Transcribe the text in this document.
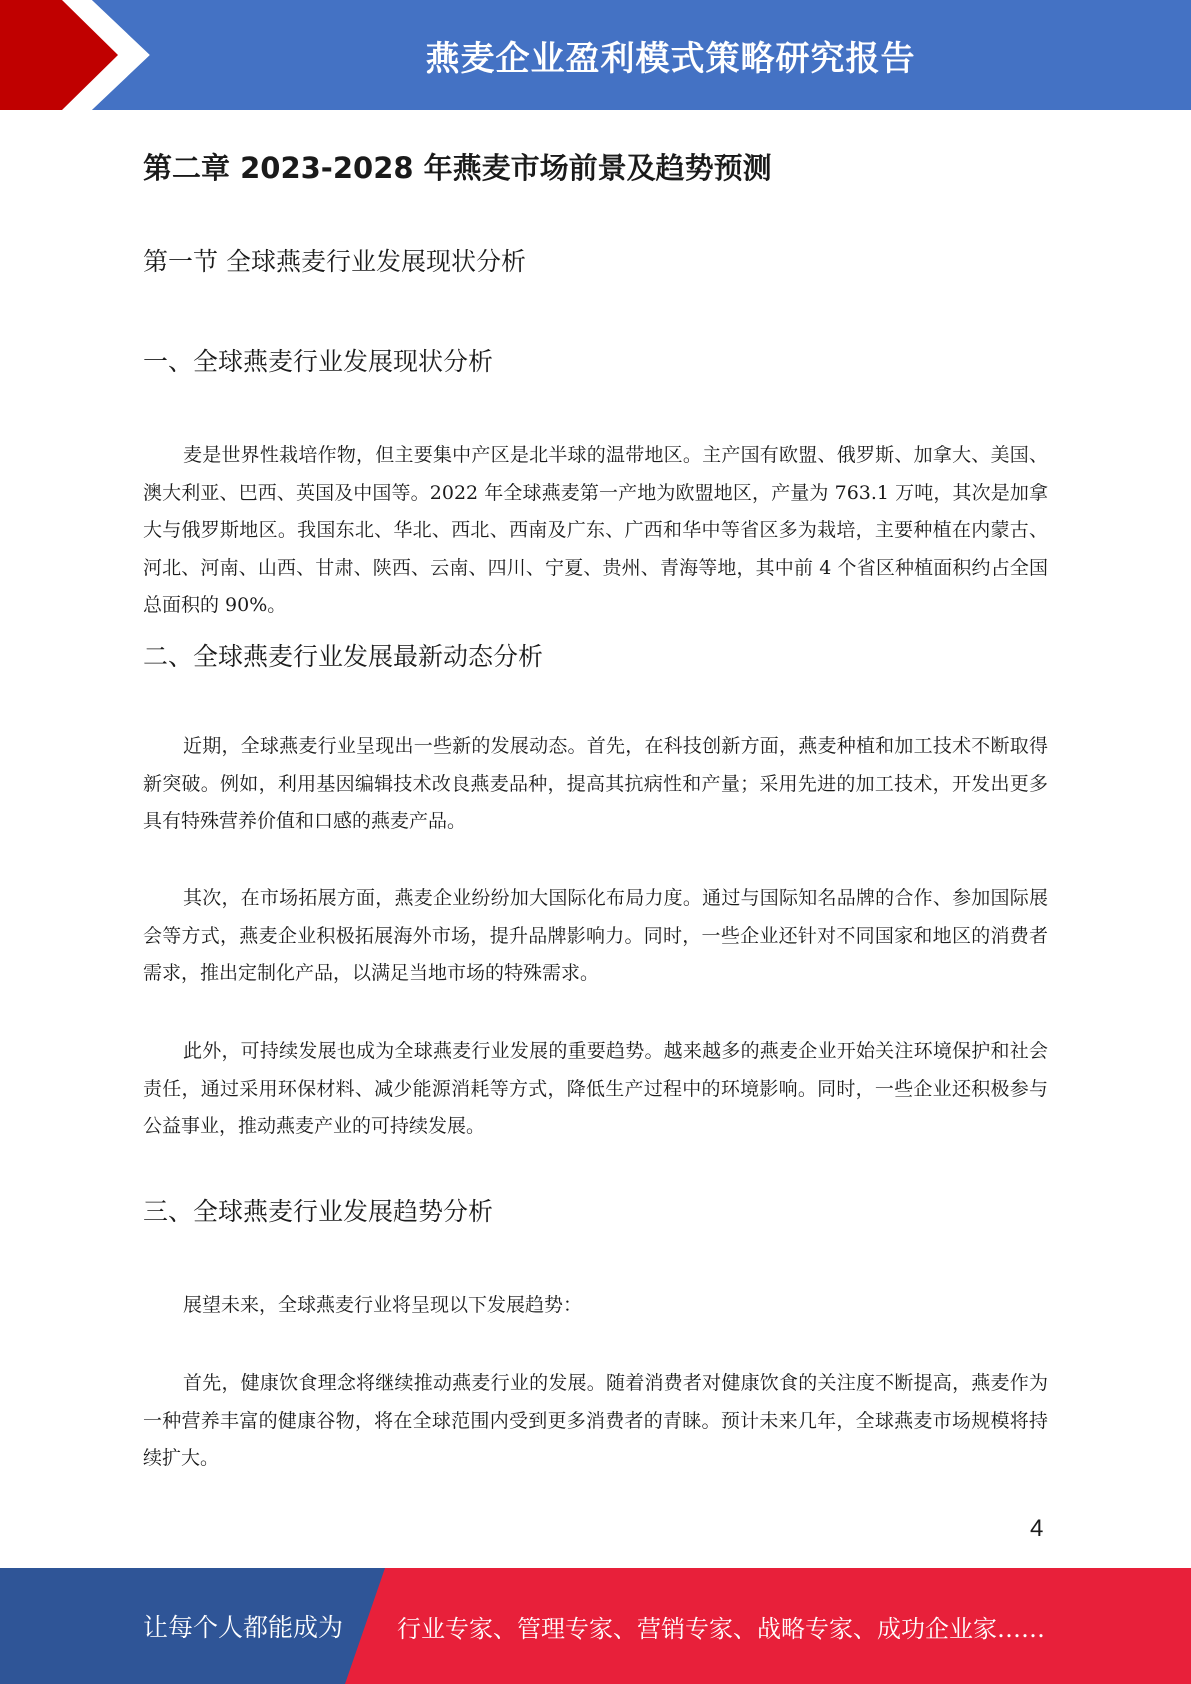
燕麦企业盈利模式策略研究报告
第二章 2023-2028 年燕麦市场前景及趋势预测
第一节 全球燕麦行业发展现状分析
一、全球燕麦行业发展现状分析

麦是世界性栽培作物，但主要集中产区是北半球的温带地区。主产国有欧盟、俄罗斯、加拿大、美国、澳大利亚、巴西、英国及中国等。2022 年全球燕麦第一产地为欧盟地区，产量为 763.1 万吨，其次是加拿大与俄罗斯地区。我国东北、华北、西北、西南及广东、广西和华中等省区多为栽培，主要种植在内蒙古、河北、河南、山西、甘肃、陕西、云南、四川、宁夏、贵州、青海等地，其中前 4 个省区种植面积约占全国总面积的 90%。

二、全球燕麦行业发展最新动态分析

近期，全球燕麦行业呈现出一些新的发展动态。首先，在科技创新方面，燕麦种植和加工技术不断取得新突破。例如，利用基因编辑技术改良燕麦品种，提高其抗病性和产量；采用先进的加工技术，开发出更多具有特殊营养价值和口感的燕麦产品。

其次，在市场拓展方面，燕麦企业纷纷加大国际化布局力度。通过与国际知名品牌的合作、参加国际展会等方式，燕麦企业积极拓展海外市场，提升品牌影响力。同时，一些企业还针对不同国家和地区的消费者需求，推出定制化产品，以满足当地市场的特殊需求。

此外，可持续发展也成为全球燕麦行业发展的重要趋势。越来越多的燕麦企业开始关注环境保护和社会责任，通过采用环保材料、减少能源消耗等方式，降低生产过程中的环境影响。同时，一些企业还积极参与公益事业，推动燕麦产业的可持续发展。

三、全球燕麦行业发展趋势分析

展望未来，全球燕麦行业将呈现以下发展趋势：

首先，健康饮食理念将继续推动燕麦行业的发展。随着消费者对健康饮食的关注度不断提高，燕麦作为一种营养丰富的健康谷物，将在全球范围内受到更多消费者的青睐。预计未来几年，全球燕麦市场规模将持续扩大。

4
让每个人都能成为 行业专家、管理专家、营销专家、战略专家、成功企业家……
